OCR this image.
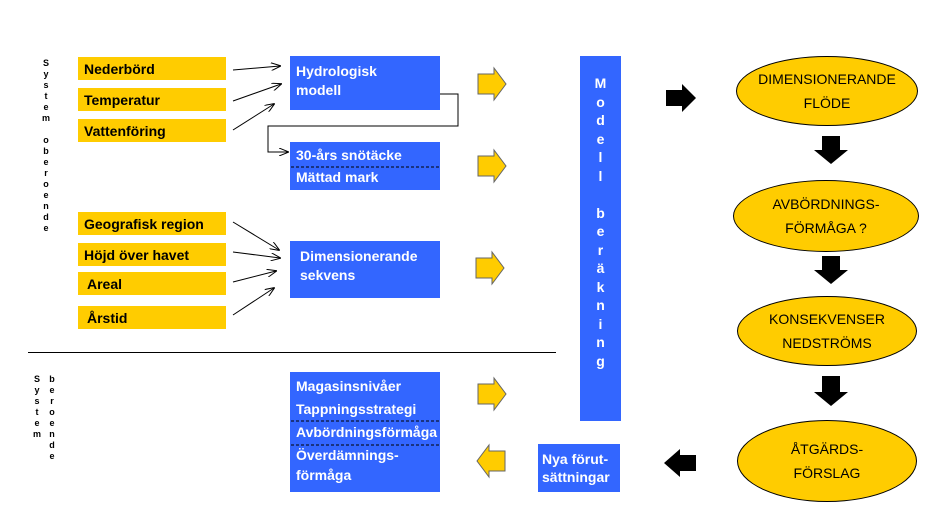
S
y
s
t
e
m

o
b
e
r
o
e
n
d
e
S
y
s
t
e
m
b
e
r
o
e
n
d
e
Nederbörd
Temperatur
Vattenföring
Geografisk region
Höjd över havet
Areal
Årstid
Hydrologisk
modell
30-års snötäcke
Mättad mark
Dimensionerande
sekvens
Magasinsnivåer
Tappningsstrategi
Avbördningsförmåga
Överdämnings-
förmåga
Nya förut-
sättningar
M
o
d
e
l
l

b
e
r
ä
k
n
i
n
g
DIMENSIONERANDE
FLÖDE
AVBÖRDNINGS-
FÖRMÅGA ?
KONSEKVENSER
NEDSTRÖMS
ÅTGÄRDS-
FÖRSLAG
